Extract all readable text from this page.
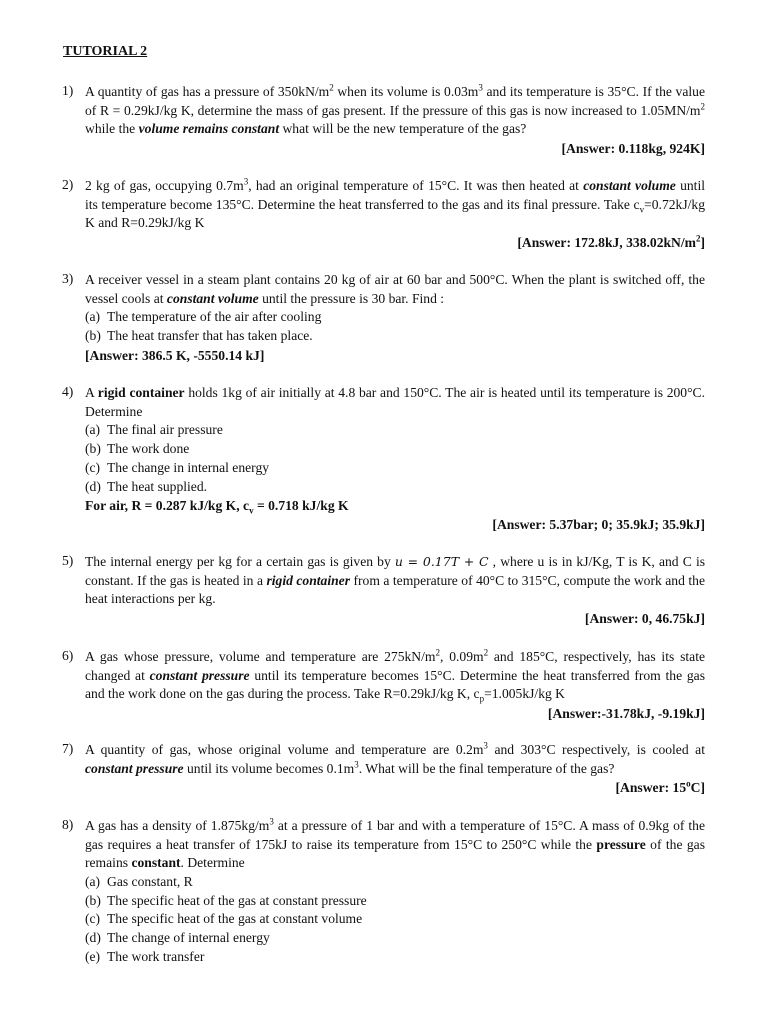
TUTORIAL 2
1) A quantity of gas has a pressure of $350kN/m^2$ when its volume is $0.03m^3$ and its temperature is 35°C. If the value of R = 0.29kJ/kg K, determine the mass of gas present. If the pressure of this gas is now increased to $1.05MN/m^2$ while the volume remains constant what will be the new temperature of the gas?
[Answer: 0.118kg, 924K]
2) 2 kg of gas, occupying $0.7m^3$, had an original temperature of 15°C. It was then heated at constant volume until its temperature become 135°C. Determine the heat transferred to the gas and its final pressure. Take $c_v=0.72kJ/kg$ K and R=0.29kJ/kg K
[Answer: 172.8kJ, $338.02kN/m^2$]
3) A receiver vessel in a steam plant contains 20 kg of air at 60 bar and 500°C. When the plant is switched off, the vessel cools at constant volume until the pressure is 30 bar. Find :
(a) The temperature of the air after cooling
(b) The heat transfer that has taken place.
[Answer: 386.5 K, -5550.14 kJ]
4) A rigid container holds 1kg of air initially at 4.8 bar and 150°C. The air is heated until its temperature is 200°C. Determine
(a) The final air pressure
(b) The work done
(c) The change in internal energy
(d) The heat supplied.
For air, R = 0.287 kJ/kg K, $c_v = 0.718$ kJ/kg K
[Answer: 5.37bar; 0; 35.9kJ; 35.9kJ]
5) The internal energy per kg for a certain gas is given by u = 0.17T + C , where u is in kJ/Kg, T is K, and C is constant. If the gas is heated in a rigid container from a temperature of 40°C to 315°C, compute the work and the heat interactions per kg.
[Answer: 0, 46.75kJ]
6) A gas whose pressure, volume and temperature are $275kN/m^2$, $0.09m^2$ and 185°C, respectively, has its state changed at constant pressure until its temperature becomes 15°C. Determine the heat transferred from the gas and the work done on the gas during the process. Take R=0.29kJ/kg K, $c_p=1.005kJ/kg$ K
[Answer:-31.78kJ, -9.19kJ]
7) A quantity of gas, whose original volume and temperature are $0.2m^3$ and 303°C respectively, is cooled at constant pressure until its volume becomes $0.1m^3$. What will be the final temperature of the gas?
[Answer: 15$^o$C]
8) A gas has a density of $1.875kg/m^3$ at a pressure of 1 bar and with a temperature of 15°C. A mass of 0.9kg of the gas requires a heat transfer of 175kJ to raise its temperature from 15°C to 250°C while the pressure of the gas remains constant. Determine
(a) Gas constant, R
(b) The specific heat of the gas at constant pressure
(c) The specific heat of the gas at constant volume
(d) The change of internal energy
(e) The work transfer
